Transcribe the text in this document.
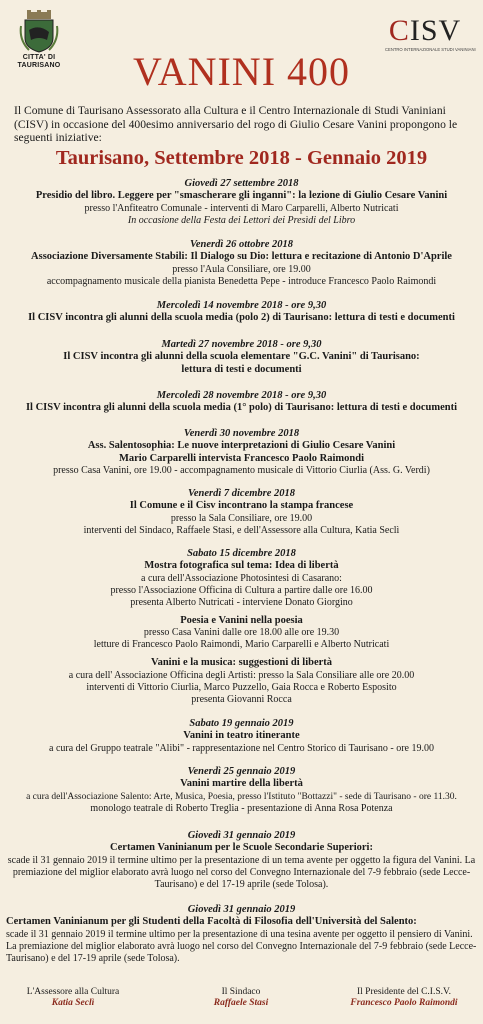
CITTA' DI
TAURISANO
CISV
CENTRO INTERNAZIONALE STUDI VANINIANI
VANINI 400
Il Comune di Taurisano Assessorato alla Cultura e il Centro Internazionale di Studi Vaniniani (CISV) in occasione del 400esimo anniversario del rogo di Giulio Cesare Vanini propongono le seguenti iniziative:
Taurisano, Settembre 2018 - Gennaio 2019

Giovedì 27 settembre 2018

Presidio del libro. Leggere per "smascherare gli inganni": la lezione di Giulio Cesare Vanini

presso l'Anfiteatro Comunale - interventi di Maro Carparelli, Alberto Nutricati

In occasione della Festa dei Lettori dei Presìdi del Libro

Venerdì 26 ottobre 2018

Associazione Diversamente Stabili: Il Dialogo su Dio: lettura e recitazione di Antonio D'Aprile

presso l'Aula Consiliare, ore 19.00

accompagnamento musicale della pianista Benedetta Pepe - introduce Francesco Paolo Raimondi

Mercoledì 14 novembre 2018 - ore 9,30

Il CISV incontra gli alunni della scuola media (polo 2) di Taurisano: lettura di testi e documenti

Martedì 27 novembre 2018 - ore 9,30

Il CISV incontra gli alunni della scuola elementare "G.C. Vanini" di Taurisano:

lettura di testi e documenti

Mercoledì 28 novembre 2018 - ore 9,30

Il CISV incontra gli alunni della scuola media (1° polo) di Taurisano: lettura di testi e documenti

Venerdì 30 novembre 2018

Ass. Salentosophia: Le nuove interpretazioni di Giulio Cesare Vanini

Mario Carparelli intervista Francesco Paolo Raimondi

presso Casa Vanini, ore 19.00 - accompagnamento musicale di Vittorio Ciurlia (Ass. G. Verdi)

Venerdì 7 dicembre 2018

Il Comune e il Cisv incontrano la stampa francese

presso la Sala Consiliare, ore 19.00

interventi del Sindaco, Raffaele Stasi, e dell'Assessore alla Cultura, Katia Seclì

Sabato 15 dicembre 2018

Mostra fotografica sul tema: Idea di libertà

a cura dell'Associazione Photosintesi di Casarano:

presso l'Associazione Officina di Cultura a partire dalle ore 16.00

presenta Alberto Nutricati - interviene Donato Giorgino

Poesia e Vanini nella poesia

presso Casa Vanini dalle ore 18.00 alle ore 19.30

letture di Francesco Paolo Raimondi, Mario Carparelli e Alberto Nutricati

Vanini e la musica: suggestioni di libertà

a cura dell' Associazione Officina degli Artisti: presso la Sala Consiliare alle ore 20.00

interventi di Vittorio Ciurlia, Marco Puzzello, Gaia Rocca e Roberto Esposito

presenta Giovanni Rocca

Sabato 19 gennaio 2019

Vanini in teatro itinerante

a cura del Gruppo teatrale "Alibi" - rappresentazione nel Centro Storico di Taurisano - ore 19.00

Venerdì 25 gennaio 2019

Vanini martire della libertà

a cura dell'Associazione Salento: Arte, Musica, Poesia, presso l'Istituto "Bottazzi" - sede di Taurisano - ore 11.30.

monologo teatrale di Roberto Treglia - presentazione di Anna Rosa Potenza

Giovedì 31 gennaio 2019

Certamen Vaninianum per le Scuole Secondarie Superiori:

scade il 31 gennaio 2019 il termine ultimo per la presentazione di un tema avente per oggetto la figura del Vanini. La premiazione del miglior elaborato avrà luogo nel corso del Convegno Internazionale del 7-9 febbraio (sede Lecce-Taurisano) e del 17-19 aprile (sede Tolosa).

Giovedì 31 gennaio 2019

Certamen Vaninianum per gli Studenti della Facoltà di Filosofia dell'Università del Salento:

scade il 31 gennaio 2019 il termine ultimo per la presentazione di una tesina avente per oggetto il pensiero di Vanini. La premiazione del miglior elaborato avrà luogo nel corso del Convegno Internazionale del 7-9 febbraio (sede Lecce-Taurisano) e del 17-19 aprile (sede Tolosa).

L'Assessore alla Cultura
Katia Seclì
Il Sindaco
Raffaele Stasi
Il Presidente del C.I.S.V.
Francesco Paolo Raimondi
